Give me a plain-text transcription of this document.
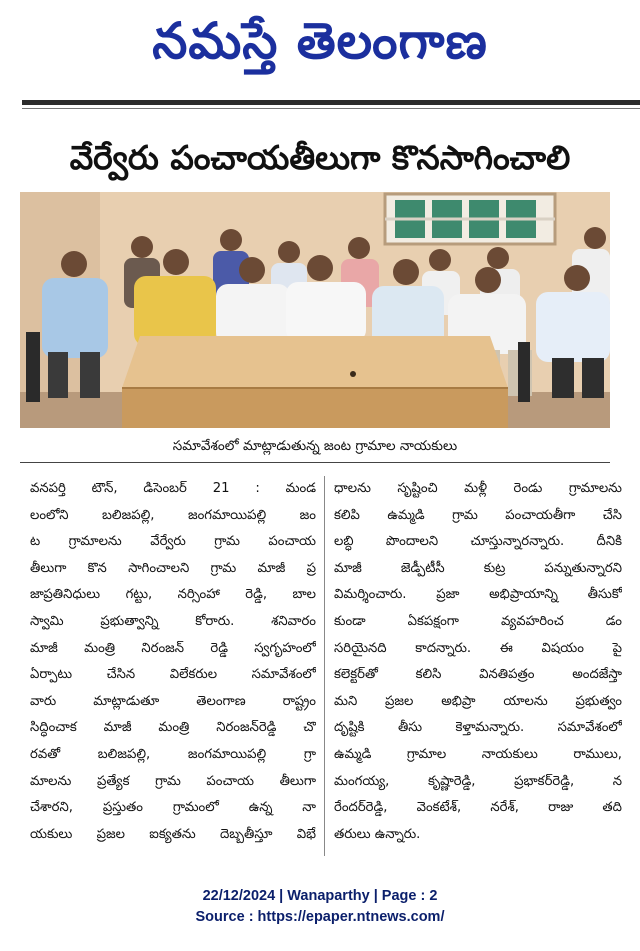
నమస్తే తెలంగాణ
వేర్వేరు పంచాయతీలుగా కొనసాగించాలి
సమావేశంలో మాట్లాడుతున్న జంట గ్రామాల నాయకులు
వనపర్తి టౌన్, డిసెంబర్ 21 : మండ
లంలోని బలిజపల్లి, జంగమాయిపల్లి జం
ట గ్రామాలను వేర్వేరు గ్రామ పంచాయ
తీలుగా కొన సాగించాలని గ్రామ మాజీ ప్ర
జాప్రతినిధులు గట్టు, నర్సింహా రెడ్డి, బాల
స్వామి ప్రభుత్వాన్ని కోరారు. శనివారం
మాజీ మంత్రి నిరంజన్ రెడ్డి స్వగృహంలో
ఏర్పాటు చేసిన విలేకరుల సమావేశంలో
వారు మాట్లాడుతూ తెలంగాణ రాష్ట్రం
సిద్ధించాక మాజీ మంత్రి నిరంజన్‌రెడ్డి చొ
రవతో బలిజపల్లి, జంగమాయిపల్లి గ్రా
మాలను ప్రత్యేక గ్రామ పంచాయ తీలుగా
చేశారని, ప్రస్తుతం గ్రామంలో ఉన్న నా
యకులు ప్రజల ఐక్యతను దెబ్బతీస్తూ విభే
ధాలను సృష్టించి మళ్లీ రెండు గ్రామాలను
కలిపి ఉమ్మడి గ్రామ పంచాయతీగా చేసి
లబ్ధి పొందాలని చూస్తున్నారన్నారు. దీనికి
మాజీ జెడ్పీటీసీ కుట్ర పన్నుతున్నారని
విమర్శించారు. ప్రజా అభిప్రాయాన్ని తీసుకో
కుండా ఏకపక్షంగా వ్యవహరించ డం
సరియైనది కాదన్నారు. ఈ విషయం పై
కలెక్టర్‌తో కలిసి వినతిపత్రం అందజేస్తా
మని ప్రజల అభిప్రా యాలను ప్రభుత్వం
దృష్టికి తీసు కెళ్తామన్నారు. సమావేశంలో
ఉమ్మడి గ్రామాల నాయకులు రాములు,
మంగయ్య, కృష్ణారెడ్డి, ప్రభాకర్‌రెడ్డి, న
రేందర్‌రెడ్డి, వెంకటేశ్, నరేశ్, రాజు తది
తరులు ఉన్నారు.
22/12/2024 | Wanaparthy | Page : 2
Source : https://epaper.ntnews.com/
